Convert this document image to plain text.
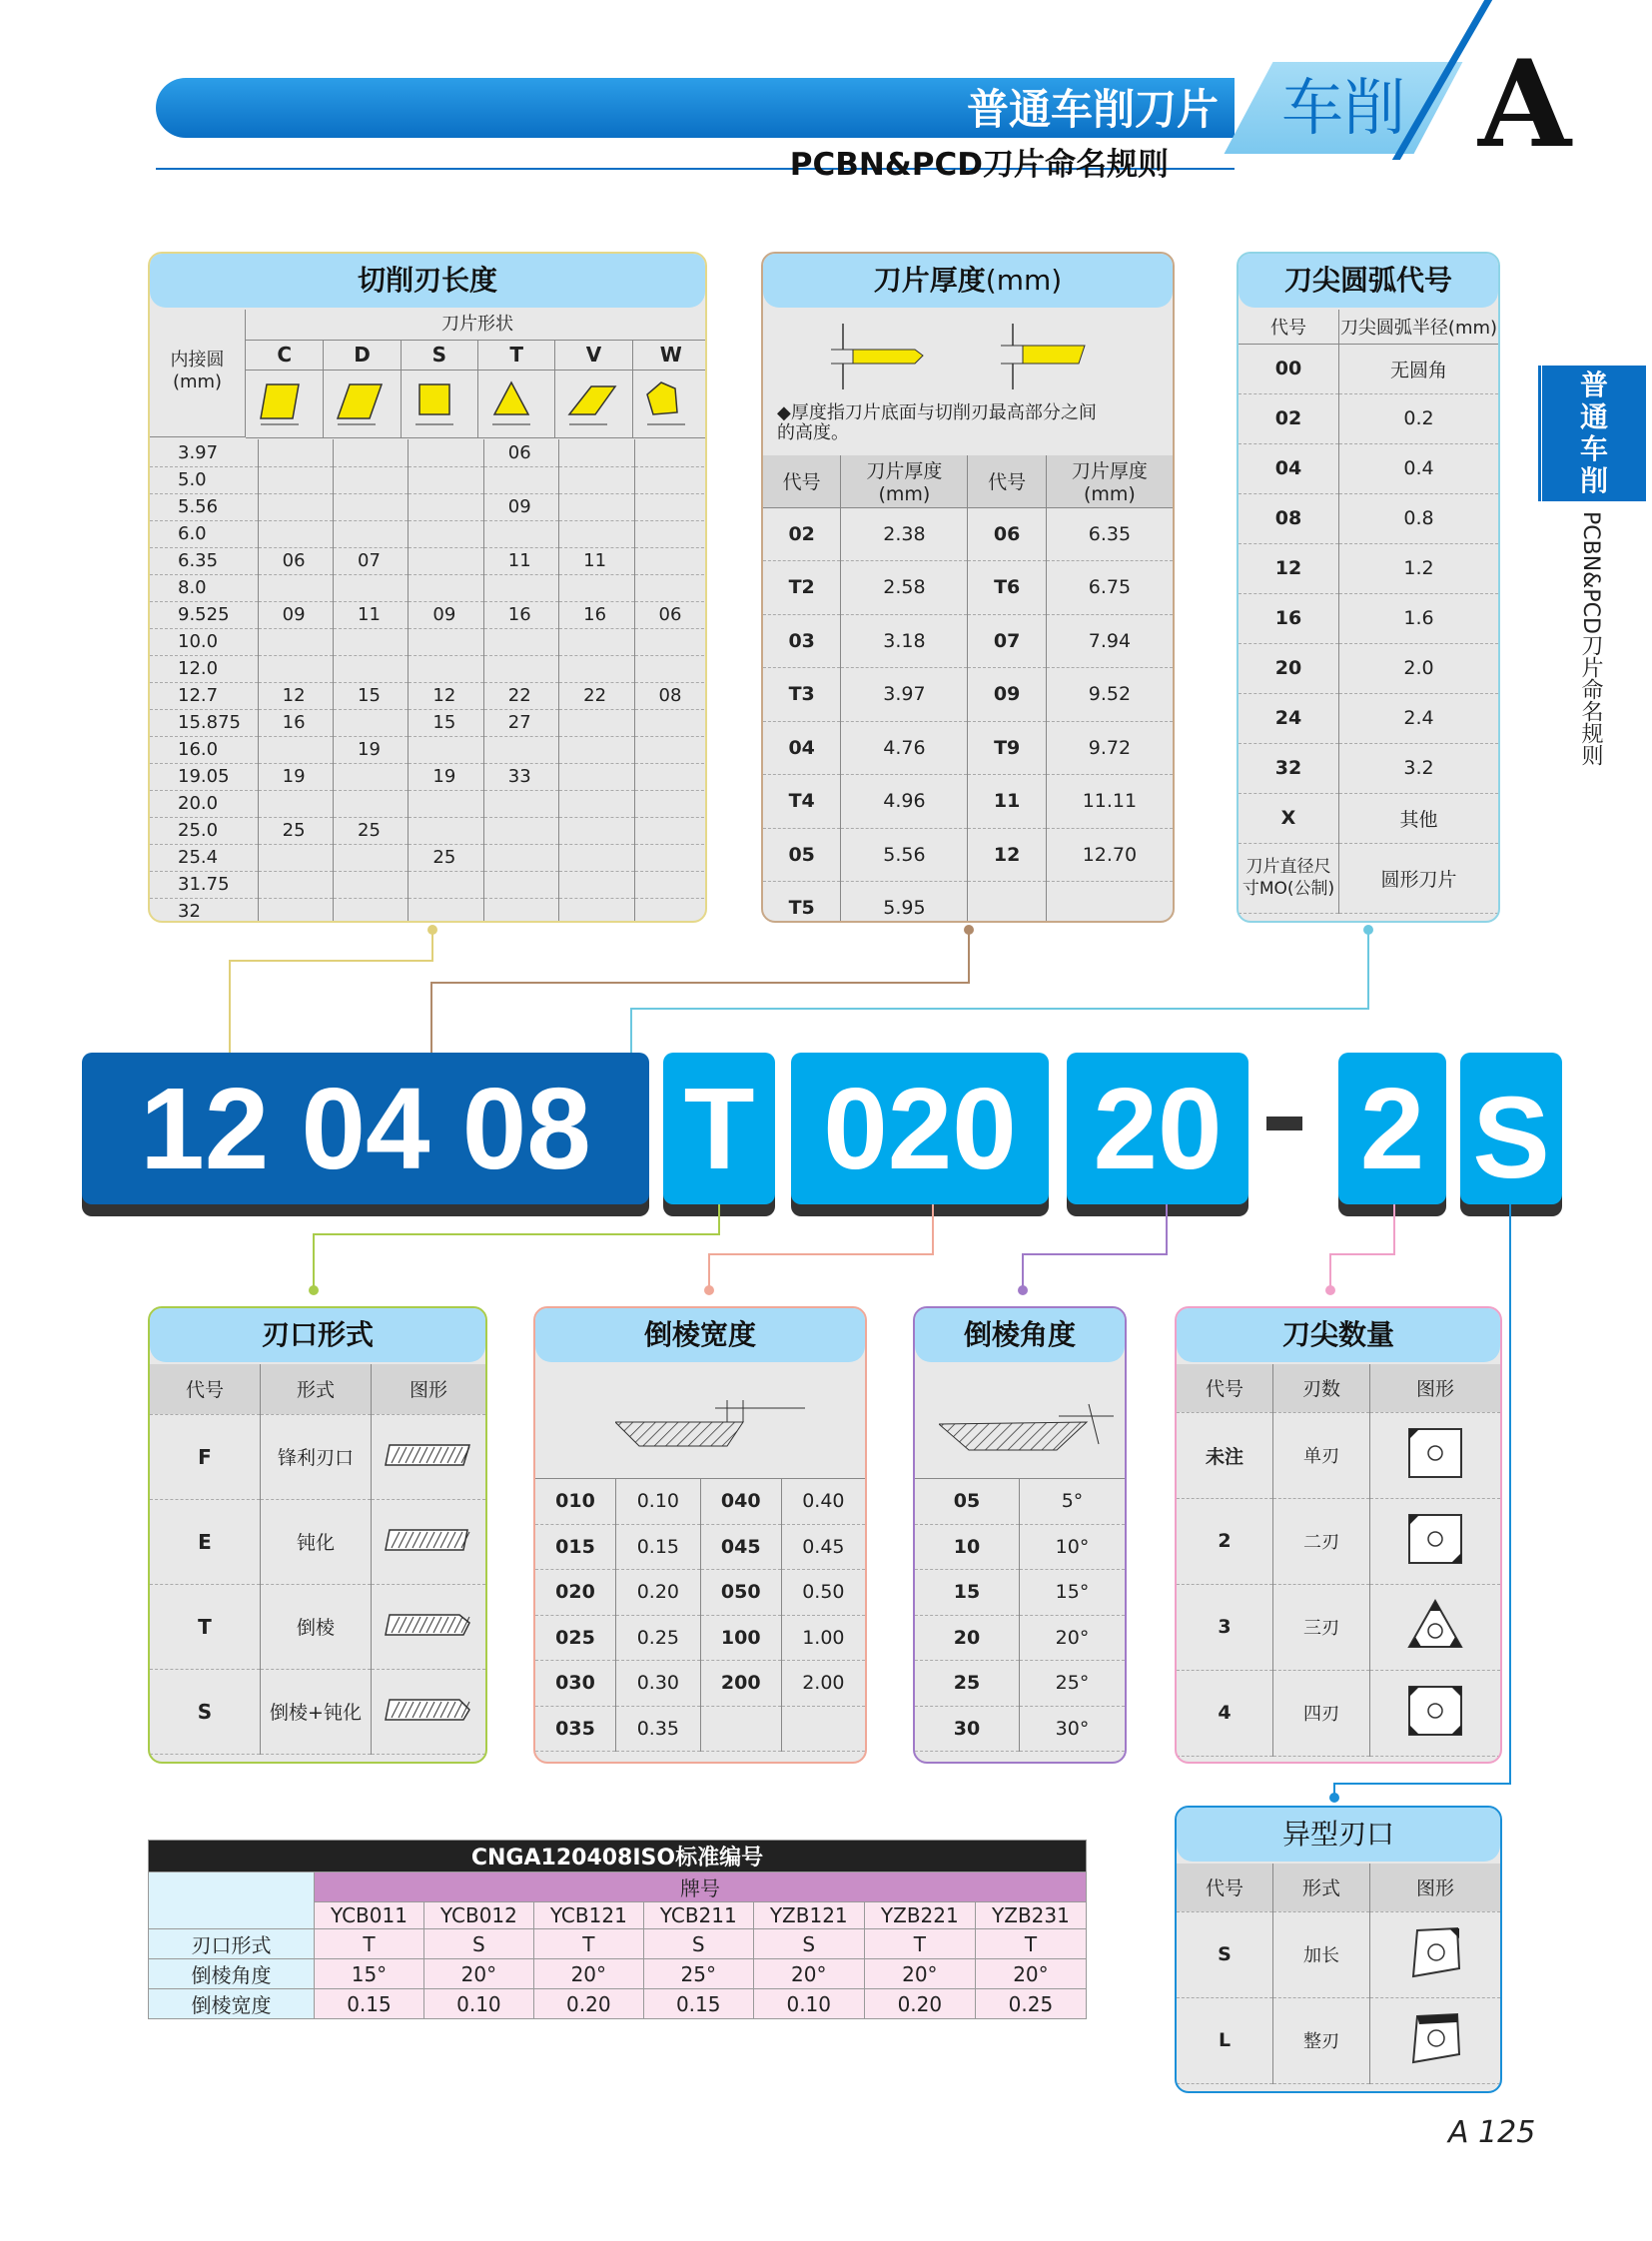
普通车削刀片
PCBN&PCD刀片命名规则
车削 A
普
通
车
削
PCBN&PCD刀片命名规则
切削刃长度
内接圆
(mm)
刀片形状
C	D	S	T	V	W
3.97				06		
5.0						
5.56				09		
6.0						
6.35	06	07		11	11	
8.0						
9.525	09	11	09	16	16	06
10.0						
12.0						
12.7	12	15	12	22	22	08
15.875	16		15	27		
16.0		19				
19.05	19		19	33		
20.0						
25.0	25	25				
25.4			25			
31.75						
32						
刀片厚度(mm)
◆厚度指刀片底面与切削刃最高部分之间
的高度。
代号	刀片厚度(mm)	代号	刀片厚度(mm)
02	2.38	06	6.35
T2	2.58	T6	6.75
03	3.18	07	7.94
T3	3.97	09	9.52
04	4.76	T9	9.72
T4	4.96	11	11.11
05	5.56	12	12.70
T5	5.95		
刀尖圆弧代号
代号	刀尖圆弧半径(mm)
00	无圆角
02	0.2
04	0.4
08	0.8
12	1.2
16	1.6
20	2.0
24	2.4
32	3.2
X	其他
刀片直径尺寸MO(公制)	圆形刀片
12 04 08 T 020 20 2 S
刃口形式
代号	形式	图形
F	锋利刃口	
E	钝化	
T	倒棱	
S	倒棱+钝化	
倒棱宽度
010	0.10	040	0.40
015	0.15	045	0.45
020	0.20	050	0.50
025	0.25	100	1.00
030	0.30	200	2.00
035	0.35		
倒棱角度
05	5°
10	10°
15	15°
20	20°
25	25°
30	30°
刀尖数量
代号	刃数	图形
未注	单刃	
2	二刃	
3	三刃	
4	四刃	
异型刃口
代号	形式	图形
S	加长	
L	整刃	
CNGA120408ISO标准编号							
	牌号						
	YCB011	YCB012	YCB121	YCB211	YZB121	YZB221	YZB231
刃口形式	T	S	T	S	S	T	T
倒棱角度	15°	20°	20°	25°	20°	20°	20°
倒棱宽度	0.15	0.10	0.20	0.15	0.10	0.20	0.25
A 125
